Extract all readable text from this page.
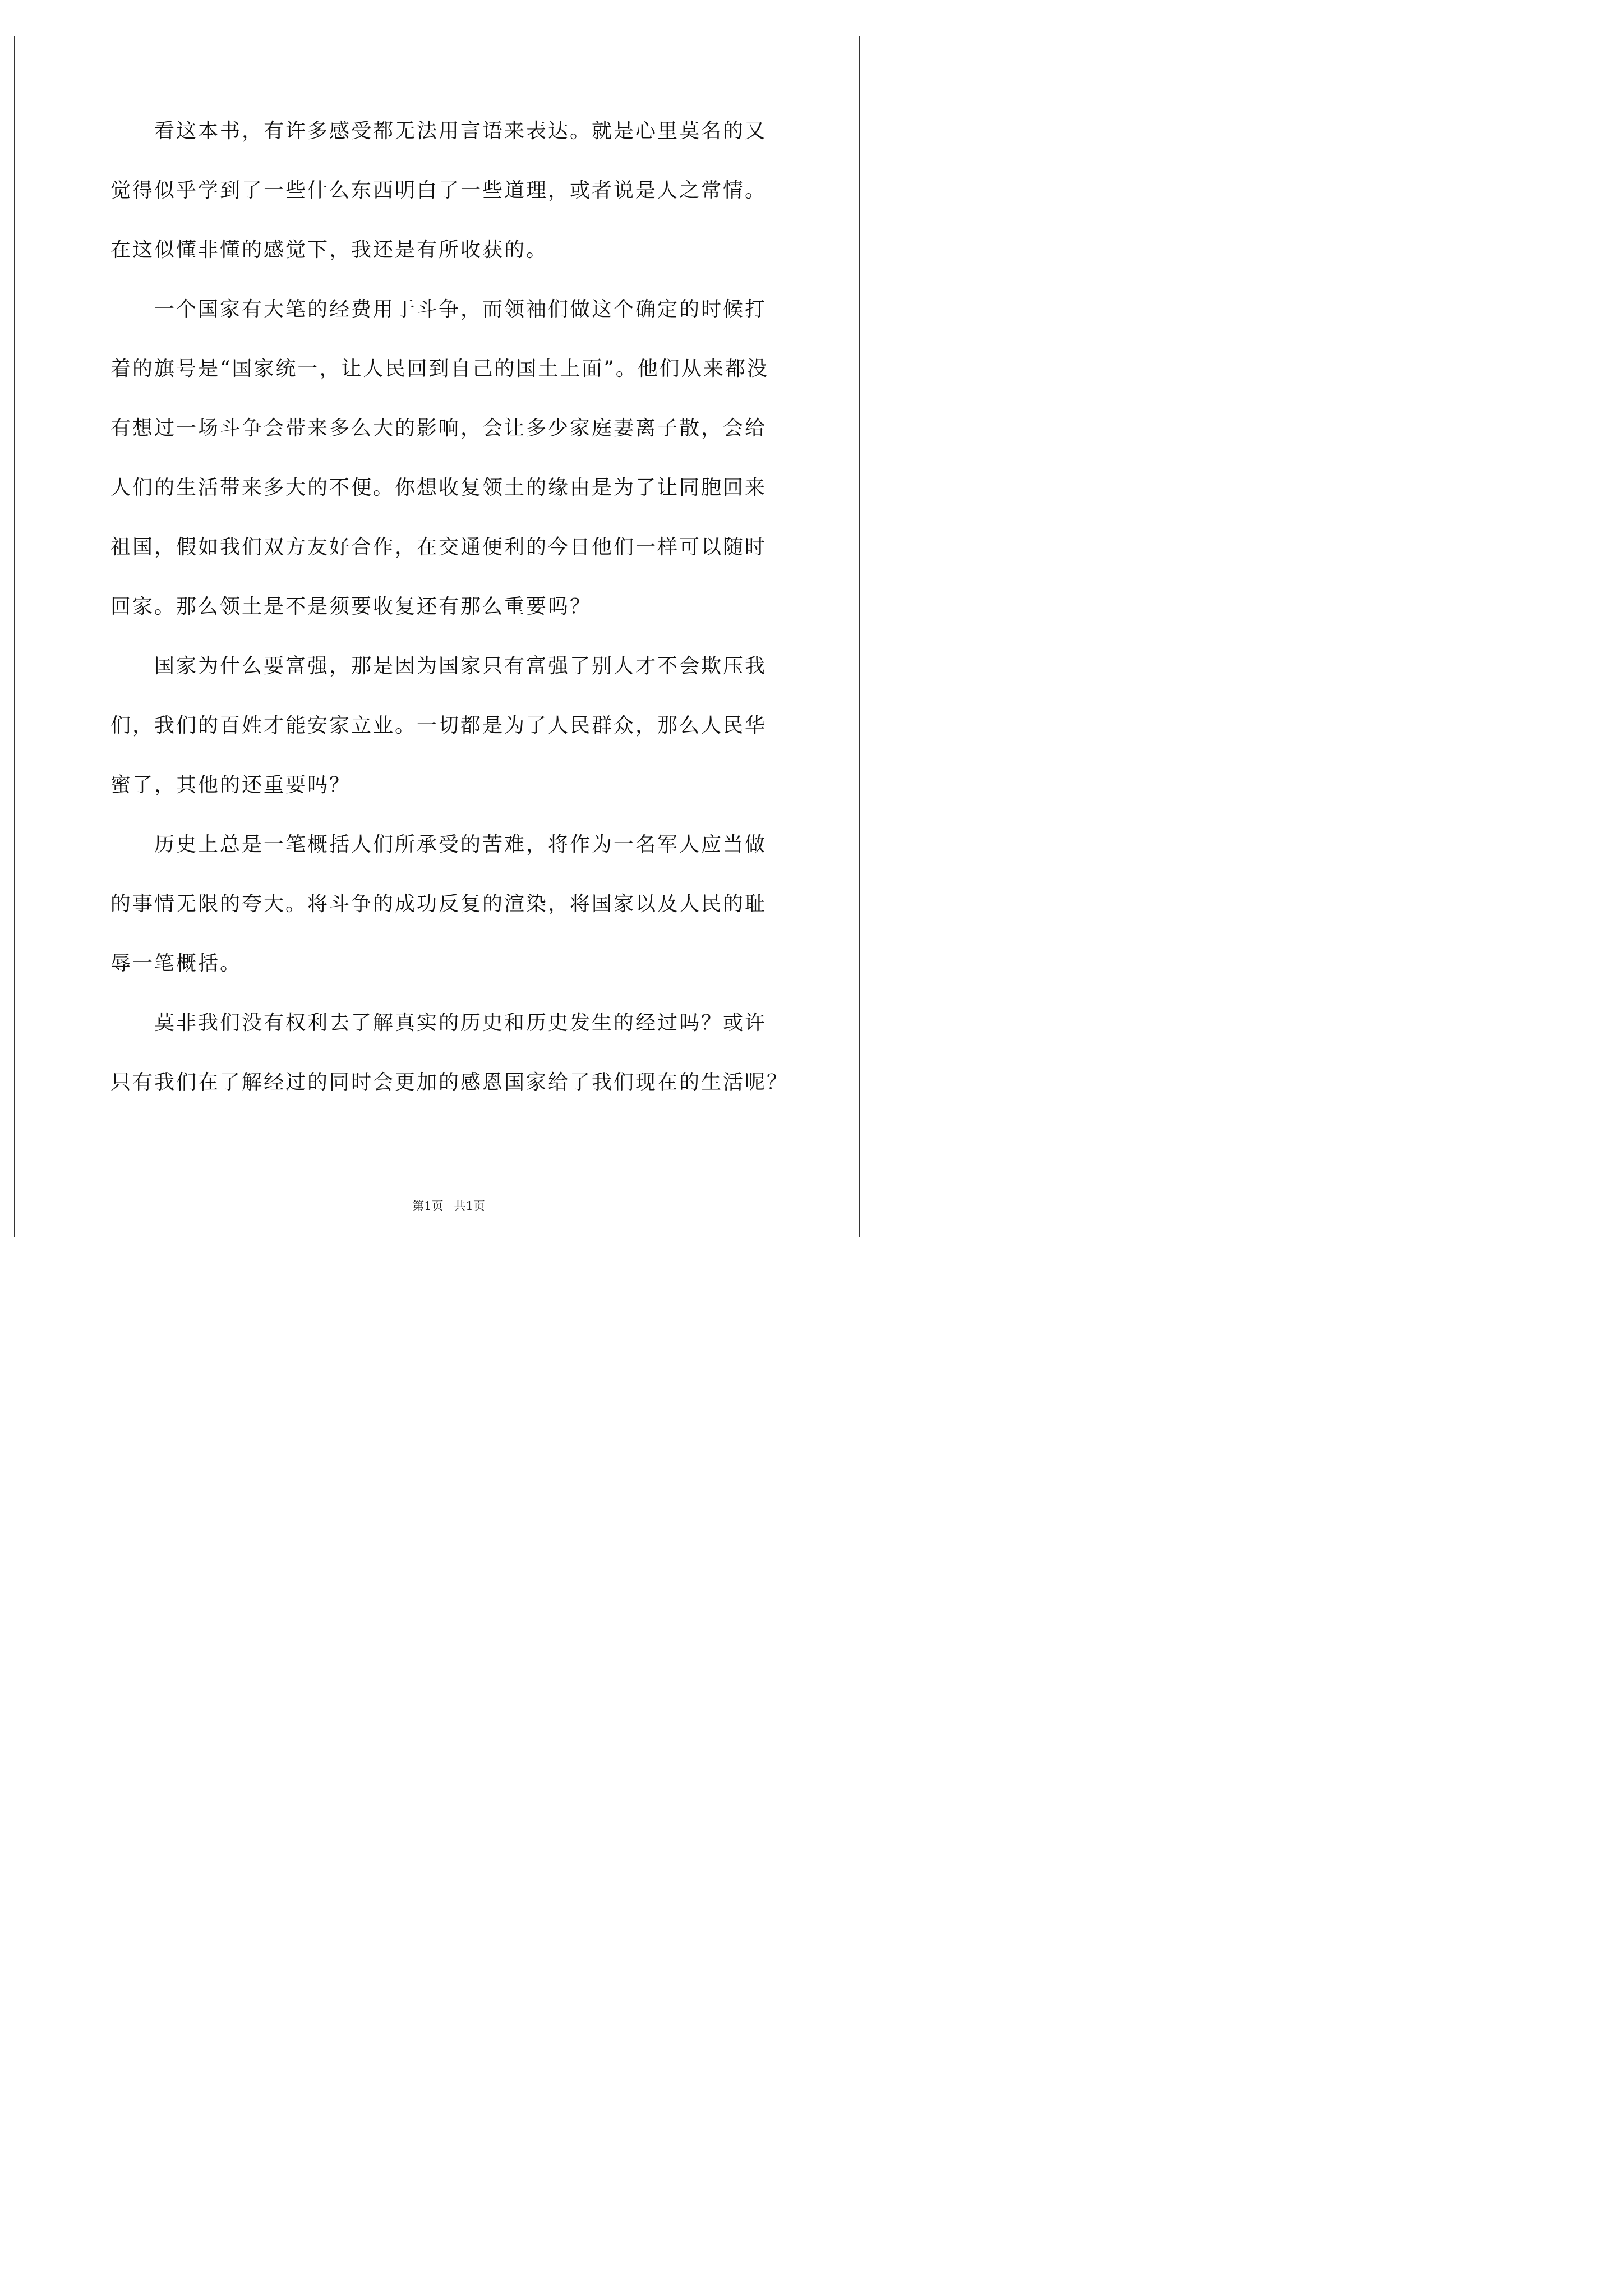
看这本书，有许多感受都无法用言语来表达。就是心里莫名的又
觉得似乎学到了一些什么东西明白了一些道理，或者说是人之常情。
在这似懂非懂的感觉下，我还是有所收获的。
一个国家有大笔的经费用于斗争，而领袖们做这个确定的时候打
着的旗号是“国家统一，让人民回到自己的国土上面”。他们从来都没
有想过一场斗争会带来多么大的影响，会让多少家庭妻离子散，会给
人们的生活带来多大的不便。你想收复领土的缘由是为了让同胞回来
祖国，假如我们双方友好合作，在交通便利的今日他们一样可以随时
回家。那么领土是不是须要收复还有那么重要吗？
国家为什么要富强，那是因为国家只有富强了别人才不会欺压我
们，我们的百姓才能安家立业。一切都是为了人民群众，那么人民华
蜜了，其他的还重要吗？
历史上总是一笔概括人们所承受的苦难，将作为一名军人应当做
的事情无限的夸大。将斗争的成功反复的渲染，将国家以及人民的耻
辱一笔概括。
莫非我们没有权利去了解真实的历史和历史发生的经过吗？或许
只有我们在了解经过的同时会更加的感恩国家给了我们现在的生活呢？
第1页 共1页
